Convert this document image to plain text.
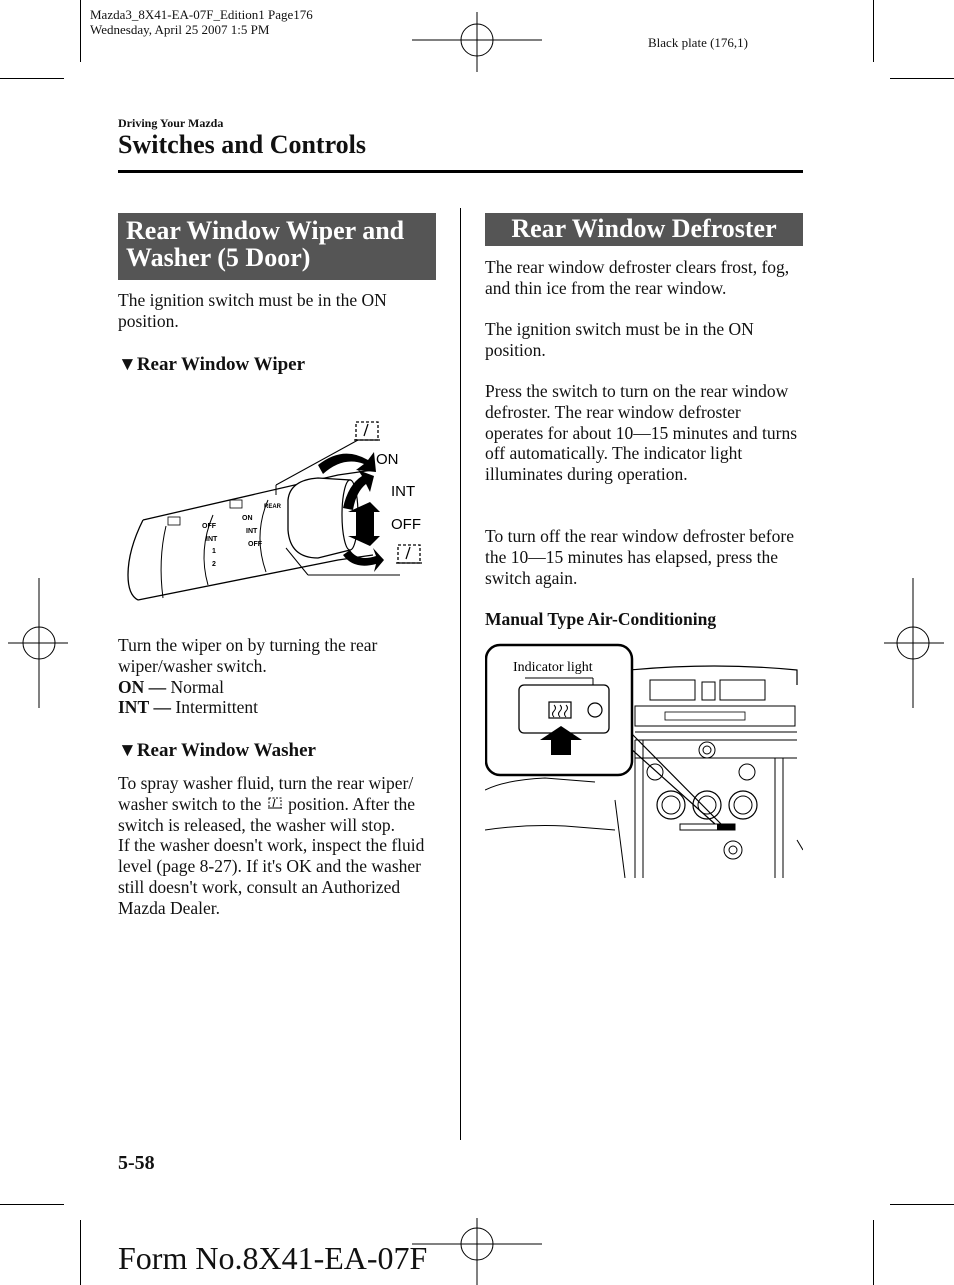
Mazda3_8X41-EA-07F_Edition1 Page176
Wednesday, April 25 2007 1:5 PM
Black plate (176,1)
Driving Your Mazda
Switches and Controls
Rear Window Wiper and
Washer (5 Door)
The ignition switch must be in the ON position.
▼Rear Window Wiper
OFF
INT
1
2
ON
INT
OFF
REAR
ON
INT
OFF
Turn the wiper on by turning the rear wiper/washer switch.
ON — Normal
INT — Intermittent
▼Rear Window Washer
To spray washer fluid, turn the rear wiper/ washer switch to the position. After the switch is released, the washer will stop.
If the washer doesn't work, inspect the fluid level (page 8-27). If it's OK and the washer still doesn't work, consult an Authorized Mazda Dealer.
Rear Window Defroster
The rear window defroster clears frost, fog, and thin ice from the rear window.
The ignition switch must be in the ON position.
Press the switch to turn on the rear window defroster. The rear window defroster operates for about 10―15 minutes and turns off automatically. The indicator light illuminates during operation.
To turn off the rear window defroster before the 10―15 minutes has elapsed, press the switch again.
Manual Type Air-Conditioning
Indicator light
5-58
Form No.8X41-EA-07F
